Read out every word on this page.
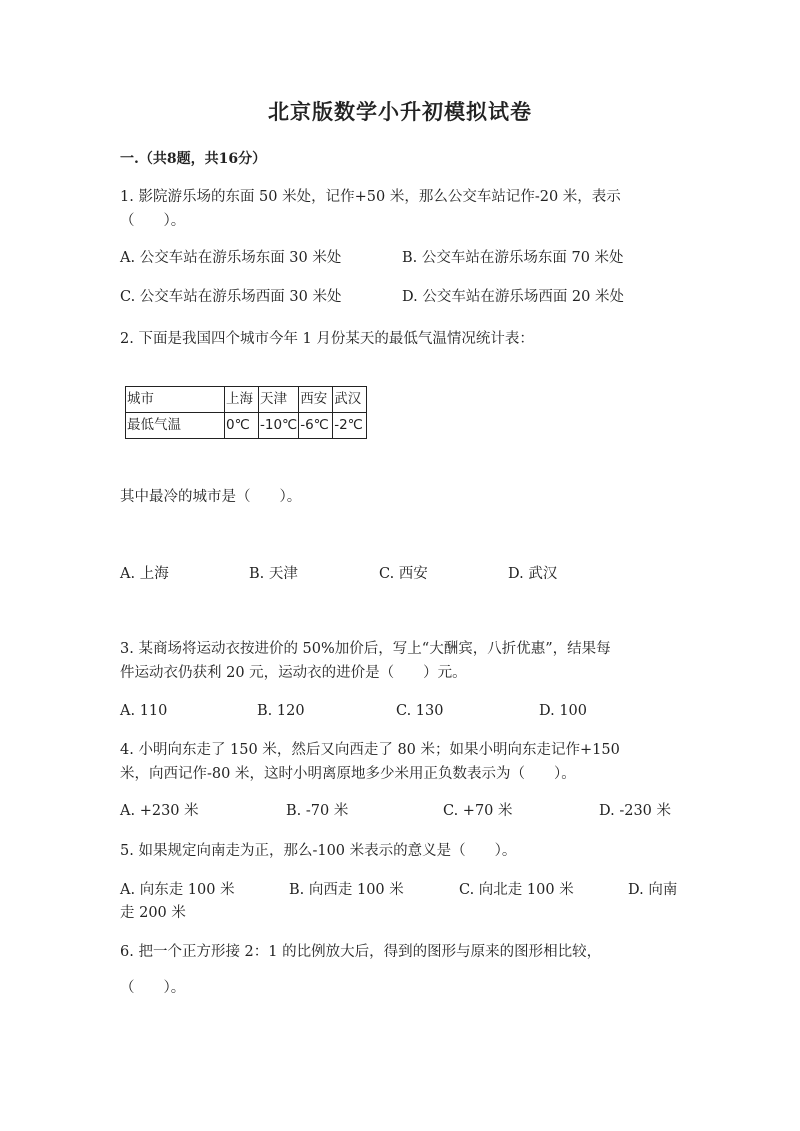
北京版数学小升初模拟试卷
一.（共8题，共16分）
1. 影院游乐场的东面 50 米处，记作+50 米，那么公交车站记作-20 米，表示
（　　）。
A. 公交车站在游乐场东面 30 米处	B. 公交车站在游乐场东面 70 米处
C. 公交车站在游乐场西面 30 米处	D. 公交车站在游乐场西面 20 米处
2. 下面是我国四个城市今年 1 月份某天的最低气温情况统计表：
城市	上海	天津	西安	武汉
最低气温	0℃	-10℃	-6℃	-2℃
其中最冷的城市是（　　）。
A. 上海	B. 天津	C. 西安	D. 武汉
3. 某商场将运动衣按进价的 50%加价后，写上“大酬宾，八折优惠”，结果每
件运动衣仍获利 20 元，运动衣的进价是（　　）元。
A. 110	B. 120	C. 130	D. 100
4. 小明向东走了 150 米，然后又向西走了 80 米；如果小明向东走记作+150
米，向西记作-80 米，这时小明离原地多少米用正负数表示为（　　）。
A. +230 米	B. -70 米	C. +70 米	D. -230 米
5. 如果规定向南走为正，那么-100 米表示的意义是（　　）。
A. 向东走 100 米	B. 向西走 100 米	C. 向北走 100 米	D. 向南
走 200 米
6. 把一个正方形接 2：1 的比例放大后，得到的图形与原来的图形相比较，
（　　）。
